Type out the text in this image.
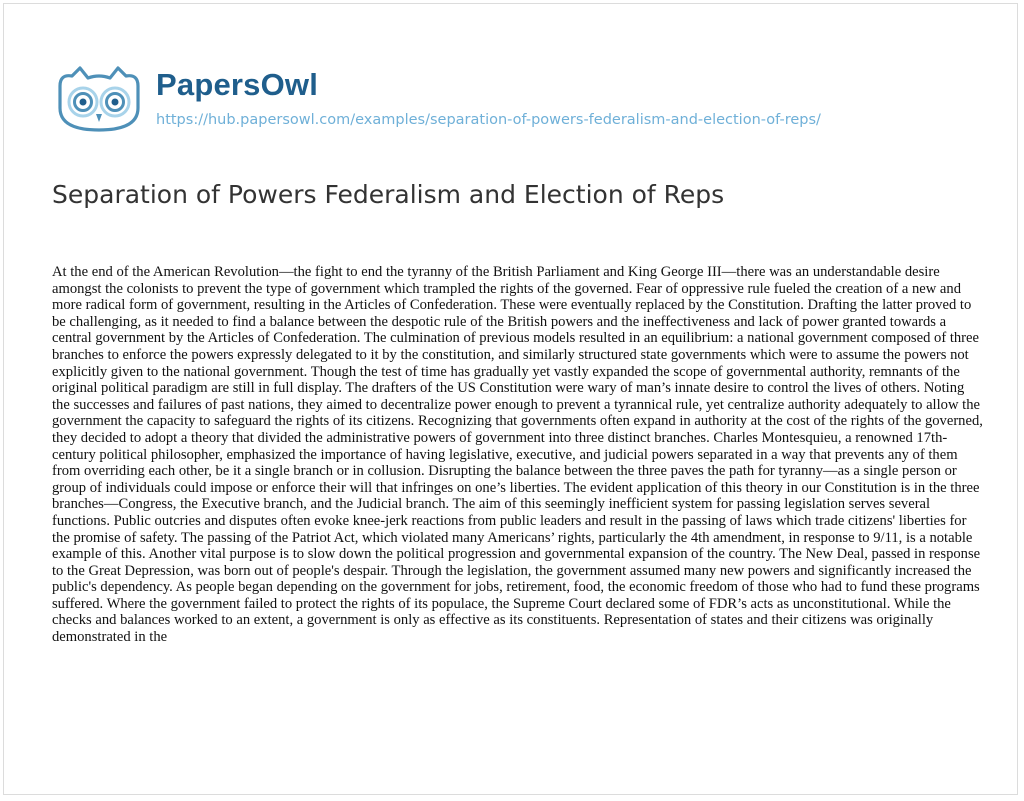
PapersOwl
https://hub.papersowl.com/examples/separation-of-powers-federalism-and-election-of-reps/
Separation of Powers Federalism and Election of Reps

At the end of the American Revolution—the fight to end the tyranny of the British Parliament and King George III—there was an understandable desire amongst the colonists to prevent the type of government which trampled the rights of the governed. Fear of oppressive rule fueled the creation of a new and more radical form of government, resulting in the Articles of Confederation. These were eventually replaced by the Constitution. Drafting the latter proved to be challenging, as it needed to find a balance between the despotic rule of the British powers and the ineffectiveness and lack of power granted towards a central government by the Articles of Confederation. The culmination of previous models resulted in an equilibrium: a national government composed of three branches to enforce the powers expressly delegated to it by the constitution, and similarly structured state governments which were to assume the powers not explicitly given to the national government. Though the test of time has gradually yet vastly expanded the scope of governmental authority, remnants of the original political paradigm are still in full display. The drafters of the US Constitution were wary of man’s innate desire to control the lives of others. Noting the successes and failures of past nations, they aimed to decentralize power enough to prevent a tyrannical rule, yet centralize authority adequately to allow the government the capacity to safeguard the rights of its citizens. Recognizing that governments often expand in authority at the cost of the rights of the governed, they decided to adopt a theory that divided the administrative powers of government into three distinct branches. Charles Montesquieu, a renowned 17th-century political philosopher, emphasized the importance of having legislative, executive, and judicial powers separated in a way that prevents any of them from overriding each other, be it a single branch or in collusion. Disrupting the balance between the three paves the path for tyranny—as a single person or group of individuals could impose or enforce their will that infringes on one’s liberties. The evident application of this theory in our Constitution is in the three branches—Congress, the Executive branch, and the Judicial branch. The aim of this seemingly inefficient system for passing legislation serves several functions. Public outcries and disputes often evoke knee-jerk reactions from public leaders and result in the passing of laws which trade citizens' liberties for the promise of safety. The passing of the Patriot Act, which violated many Americans’ rights, particularly the 4th amendment, in response to 9/11, is a notable example of this. Another vital purpose is to slow down the political progression and governmental expansion of the country. The New Deal, passed in response to the Great Depression, was born out of people's despair. Through the legislation, the government assumed many new powers and significantly increased the public's dependency. As people began depending on the government for jobs, retirement, food, the economic freedom of those who had to fund these programs suffered. Where the government failed to protect the rights of its populace, the Supreme Court declared some of FDR’s acts as unconstitutional. While the checks and balances worked to an extent, a government is only as effective as its constituents. Representation of states and their citizens was originally demonstrated in the
